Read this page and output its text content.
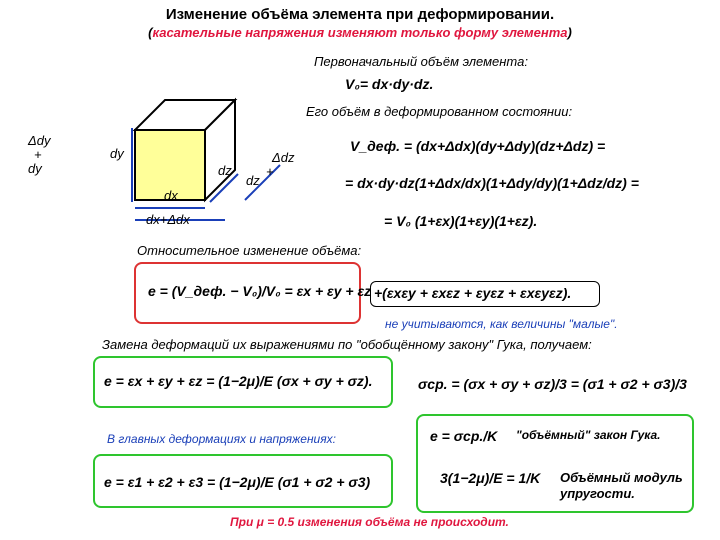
Изменение объёма элемента при деформировании.
(касательные напряжения изменяют только форму элемента)
Δdy
+
dy
dy
dz
dz
Δdz
+
dx
dx+Δdx
Первоначальный объём элемента:
V₀= dx·dy·dz.
Его объём в деформированном состоянии:
V_деф. = (dx+Δdx)(dy+Δdy)(dz+Δdz) =
= dx·dy·dz(1+Δdx/dx)(1+Δdy/dy)(1+Δdz/dz) =
= V₀ (1+εx)(1+εy)(1+εz).
Относительное изменение объёма:
e = (V_деф. − V₀)/V₀ = εx + εy + εz +(εxεy + εxεz + εyεz + εxεyεz).
не учитываются, как величины "малые".
Замена деформаций их выражениями по "обобщённому закону" Гука, получаем:
e = εx + εy + εz = (1−2μ)/E (σx + σy + σz).	σср. = (σx + σy + σz)/3 = (σ1 + σ2 + σ3)/3
В главных деформациях и напряжениях:
e = ε1 + ε2 + ε3 = (1−2μ)/E (σ1 + σ2 + σ3)
e = σср./K "объёмный" закон Гука.
3(1−2μ)/E = 1/K Объёмный модуль
упругости.
При μ = 0.5 изменения объёма не происходит.
